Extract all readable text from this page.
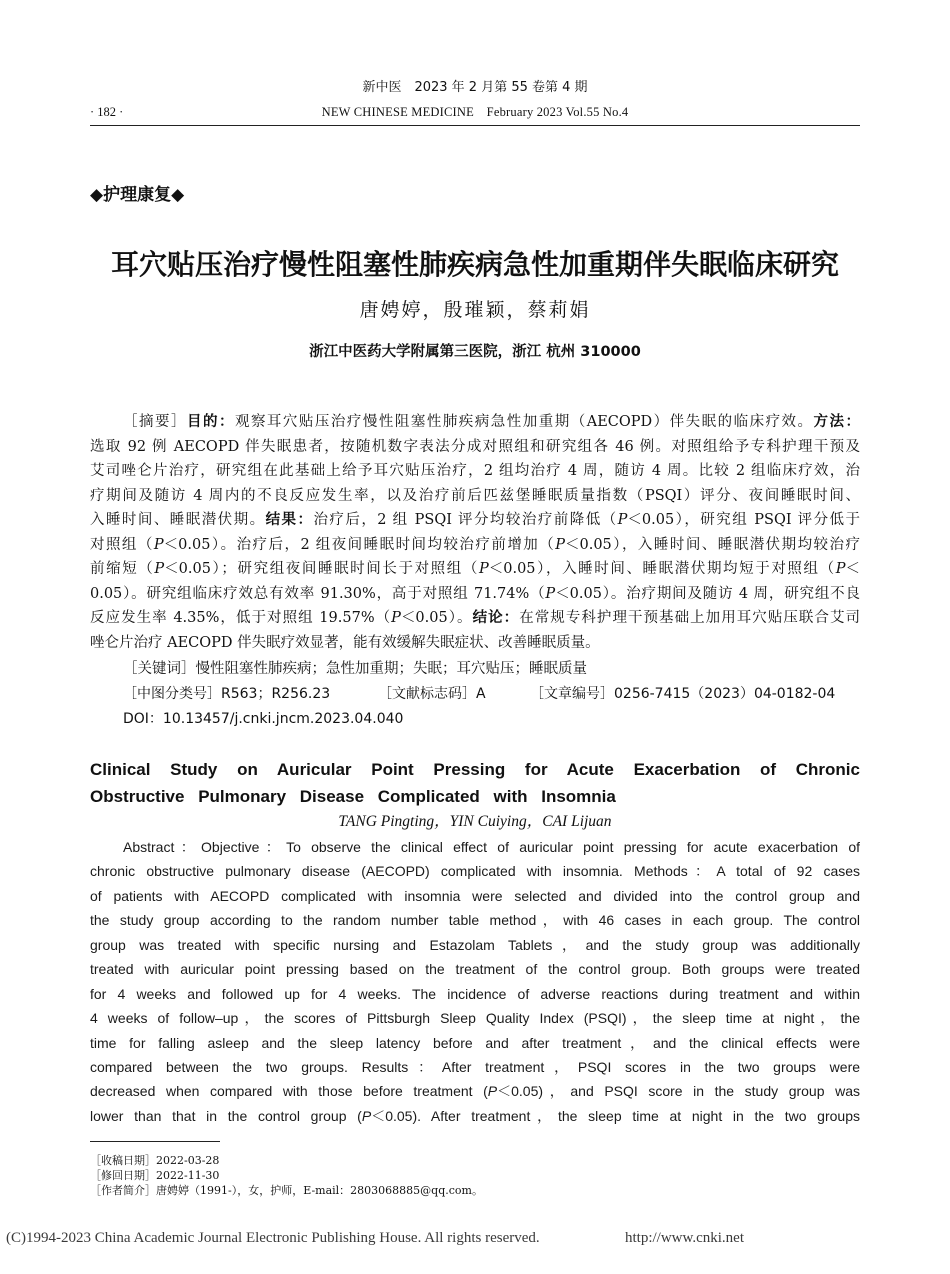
新中医　2023 年 2 月第 55 卷第 4 期
· 182 ·	NEW CHINESE MEDICINE　February 2023 Vol.55 No.4
◆护理康复◆
耳穴贴压治疗慢性阻塞性肺疾病急性加重期伴失眠临床研究
唐娉婷，殷璀颖，蔡莉娟
浙江中医药大学附属第三医院，浙江 杭州 310000
［摘要］目的：观察耳穴贴压治疗慢性阻塞性肺疾病急性加重期（AECOPD）伴失眠的临床疗效。方法：
选取 92 例 AECOPD 伴失眠患者，按随机数字表法分成对照组和研究组各 46 例。对照组给予专科护理干预及
艾司唑仑片治疗，研究组在此基础上给予耳穴贴压治疗，2 组均治疗 4 周，随访 4 周。比较 2 组临床疗效，治
疗期间及随访 4 周内的不良反应发生率，以及治疗前后匹兹堡睡眠质量指数（PSQI）评分、夜间睡眠时间、
入睡时间、睡眠潜伏期。结果：治疗后，2 组 PSQI 评分均较治疗前降低（P＜0.05），研究组 PSQI 评分低于
对照组（P＜0.05）。治疗后，2 组夜间睡眠时间均较治疗前增加（P＜0.05），入睡时间、睡眠潜伏期均较治疗
前缩短（P＜0.05）；研究组夜间睡眠时间长于对照组（P＜0.05），入睡时间、睡眠潜伏期均短于对照组（P＜
0.05）。研究组临床疗效总有效率 91.30%，高于对照组 71.74%（P＜0.05）。治疗期间及随访 4 周，研究组不良
反应发生率 4.35%，低于对照组 19.57%（P＜0.05）。结论：在常规专科护理干预基础上加用耳穴贴压联合艾司
唑仑片治疗 AECOPD 伴失眠疗效显著，能有效缓解失眠症状、改善睡眠质量。
［关键词］慢性阻塞性肺疾病；急性加重期；失眠；耳穴贴压；睡眠质量
［中图分类号］R563；R256.23	［文献标志码］A	［文章编号］0256-7415（2023）04-0182-04
DOI：10.13457/j.cnki.jncm.2023.04.040
Clinical Study on Auricular Point Pressing for Acute Exacerbation of Chronic
Obstructive Pulmonary Disease Complicated with Insomnia
TANG Pingting，YIN Cuiying，CAI Lijuan
Abstract：Objective：To observe the clinical effect of auricular point pressing for acute exacerbation of
chronic obstructive pulmonary disease (AECOPD) complicated with insomnia. Methods：A total of 92 cases
of patients with AECOPD complicated with insomnia were selected and divided into the control group and
the study group according to the random number table method，with 46 cases in each group. The control
group was treated with specific nursing and Estazolam Tablets，and the study group was additionally
treated with auricular point pressing based on the treatment of the control group. Both groups were treated
for 4 weeks and followed up for 4 weeks. The incidence of adverse reactions during treatment and within
4 weeks of follow–up，the scores of Pittsburgh Sleep Quality Index (PSQI)，the sleep time at night，the
time for falling asleep and the sleep latency before and after treatment，and the clinical effects were
compared between the two groups. Results：After treatment，PSQI scores in the two groups were
decreased when compared with those before treatment (P＜0.05)，and PSQI score in the study group was
lower than that in the control group (P＜0.05). After treatment，the sleep time at night in the two groups
［收稿日期］2022-03-28
［修回日期］2022-11-30
［作者简介］唐娉婷（1991-），女，护师，E-mail：2803068885@qq.com。
(C)1994-2023 China Academic Journal Electronic Publishing House. All rights reserved.	http://www.cnki.net
